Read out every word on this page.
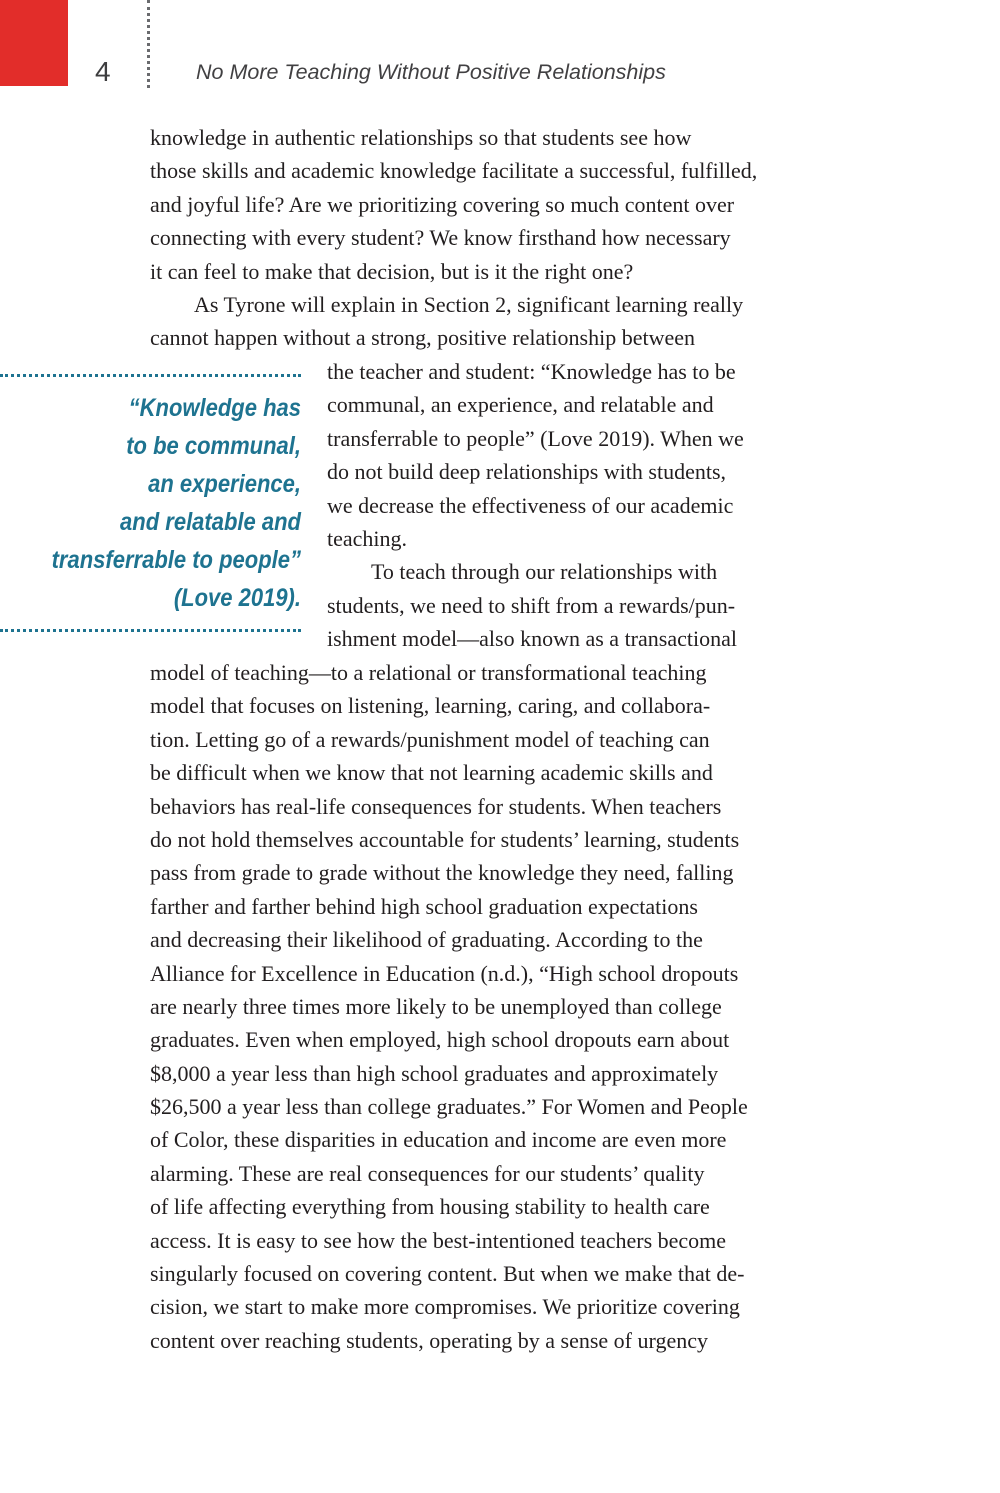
4	No More Teaching Without Positive Relationships
knowledge in authentic relationships so that students see how
those skills and academic knowledge facilitate a successful, fulfilled,
and joyful life? Are we prioritizing covering so much content over
connecting with every student? We know firsthand how necessary
it can feel to make that decision, but is it the right one?
As Tyrone will explain in Section 2, significant learning really
cannot happen without a strong, positive relationship between
“Knowledge has
to be communal,
an experience,
and relatable and
transferrable to people”
(Love 2019).
the teacher and student: “Knowledge has to be
communal, an experience, and relatable and
transferrable to people” (Love 2019). When we
do not build deep relationships with students,
we decrease the effectiveness of our academic
teaching.
To teach through our relationships with
students, we need to shift from a rewards/pun-
ishment model—also known as a transactional
model of teaching—to a relational or transformational teaching
model that focuses on listening, learning, caring, and collabora-
tion. Letting go of a rewards/punishment model of teaching can
be difficult when we know that not learning academic skills and
behaviors has real-life consequences for students. When teachers
do not hold themselves accountable for students’ learning, students
pass from grade to grade without the knowledge they need, falling
farther and farther behind high school graduation expectations
and decreasing their likelihood of graduating. According to the
Alliance for Excellence in Education (n.d.), “High school dropouts
are nearly three times more likely to be unemployed than college
graduates. Even when employed, high school dropouts earn about
$8,000 a year less than high school graduates and approximately
$26,500 a year less than college graduates.” For Women and People
of Color, these disparities in education and income are even more
alarming. These are real consequences for our students’ quality
of life affecting everything from housing stability to health care
access. It is easy to see how the best-intentioned teachers become
singularly focused on covering content. But when we make that de-
cision, we start to make more compromises. We prioritize covering
content over reaching students, operating by a sense of urgency
